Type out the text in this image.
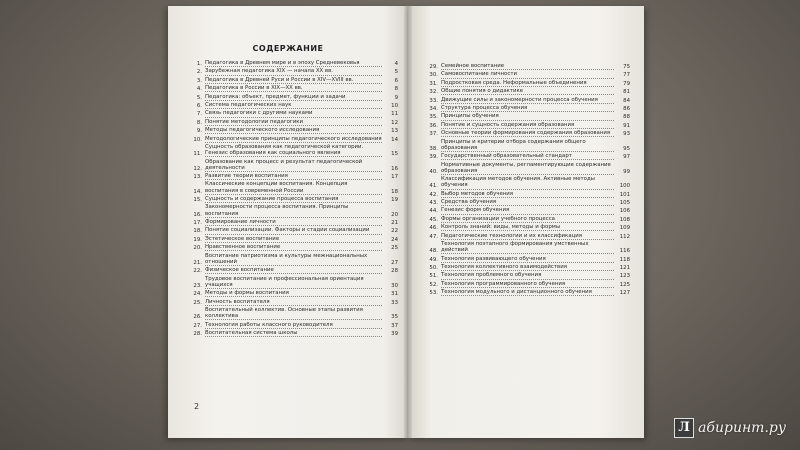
СОДЕРЖАНИЕ
1. Педагогика в Древнем мире и в эпоху Средневековья	4
2. Зарубежная педагогика XIX — начала XX вв.	5
3. Педагогика в Древней Руси и России в XIV—XVIII вв.	6
4. Педагогика в России в XIX—XX вв.	8
5. Педагогика: объект, предмет, функции и задачи	9
6. Система педагогических наук	10
7. Связь педагогики с другими науками	11
8. Понятие методологии педагогики	12
9. Методы педагогического исследования	13
10. Методологические принципы педагогического исследования	14
11.
Сущность образования как педагогической категории. Генезис образования как социального явления	15
12.
Образование как процесс и результат педагогической деятельности	16
13. Развитие теории воспитания	17
14.
Классические концепции воспитания. Концепция воспитания в современной России	18
15. Сущность и содержание процесса воспитания	19
16.
Закономерности процесса воспитания. Принципы воспитания	20
17. Формирование личности	21
18. Понятие социализации. Факторы и стадии социализации	22
19. Эстетическое воспитание	24
20. Нравственное воспитание	25
21.
Воспитание патриотизма и культуры межнациональных отношений	27
22. Физическое воспитание	28
23.
Трудовое воспитание и профессиональная ориентация учащихся	30
24. Методы и формы воспитания	31
25. Личность воспитателя	33
26.
Воспитательный коллектив. Основные этапы развития коллектива	35
27. Технология работы классного руководителя	37
28. Воспитательная система школы	39
29. Семейное воспитание	75
30. Самовоспитание личности	77
31. Подростковая среда. Неформальные объединения	79
32. Общие понятия о дидактике	81
33. Движущие силы и закономерности процесса обучения	84
34. Структура процесса обучения	86
35. Принципы обучения	88
36. Понятие и сущность содержания образования	91
37. Основные теории формирования содержания образования	93
38.
Принципы и критерии отбора содержания общего образования	95
39. Государственный образовательный стандарт	97
40.
Нормативные документы, регламентирующие содержание образования	99
41.
Классификация методов обучения. Активные методы обучения	100
42. Выбор методов обучения	101
43. Средства обучения	105
44. Генезис форм обучения	106
45. Формы организации учебного процесса	108
46. Контроль знаний: виды, методы и формы	109
47. Педагогические технологии и их классификация	112
48.
Технология поэтапного формирования умственных действий	116
49. Технология развивающего обучения	118
50. Технология коллективного взаимодействия	121
51. Технология проблемного обучения	123
52. Технология программированного обучения	125
53. Технология модульного и дистанционного обучения	127
2
Л абиринт.ру
